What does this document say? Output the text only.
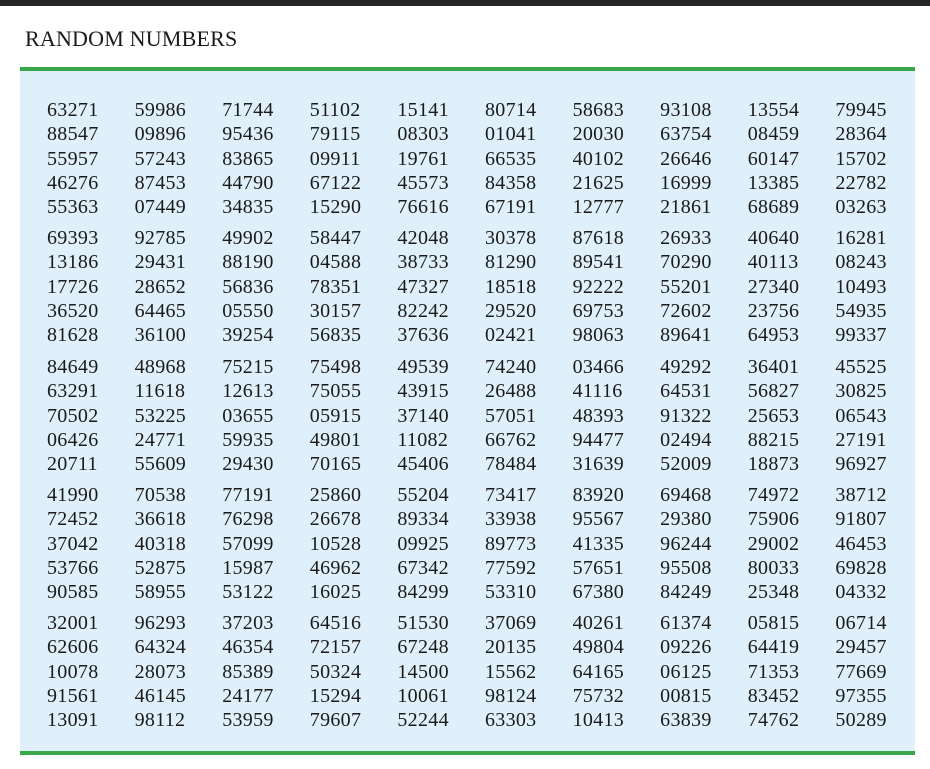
RANDOM NUMBERS
63271	59986	71744	51102	15141	80714	58683	93108	13554	79945
88547	09896	95436	79115	08303	01041	20030	63754	08459	28364
55957	57243	83865	09911	19761	66535	40102	26646	60147	15702
46276	87453	44790	67122	45573	84358	21625	16999	13385	22782
55363	07449	34835	15290	76616	67191	12777	21861	68689	03263
69393	92785	49902	58447	42048	30378	87618	26933	40640	16281
13186	29431	88190	04588	38733	81290	89541	70290	40113	08243
17726	28652	56836	78351	47327	18518	92222	55201	27340	10493
36520	64465	05550	30157	82242	29520	69753	72602	23756	54935
81628	36100	39254	56835	37636	02421	98063	89641	64953	99337
84649	48968	75215	75498	49539	74240	03466	49292	36401	45525
63291	11618	12613	75055	43915	26488	41116	64531	56827	30825
70502	53225	03655	05915	37140	57051	48393	91322	25653	06543
06426	24771	59935	49801	11082	66762	94477	02494	88215	27191
20711	55609	29430	70165	45406	78484	31639	52009	18873	96927
41990	70538	77191	25860	55204	73417	83920	69468	74972	38712
72452	36618	76298	26678	89334	33938	95567	29380	75906	91807
37042	40318	57099	10528	09925	89773	41335	96244	29002	46453
53766	52875	15987	46962	67342	77592	57651	95508	80033	69828
90585	58955	53122	16025	84299	53310	67380	84249	25348	04332
32001	96293	37203	64516	51530	37069	40261	61374	05815	06714
62606	64324	46354	72157	67248	20135	49804	09226	64419	29457
10078	28073	85389	50324	14500	15562	64165	06125	71353	77669
91561	46145	24177	15294	10061	98124	75732	00815	83452	97355
13091	98112	53959	79607	52244	63303	10413	63839	74762	50289
